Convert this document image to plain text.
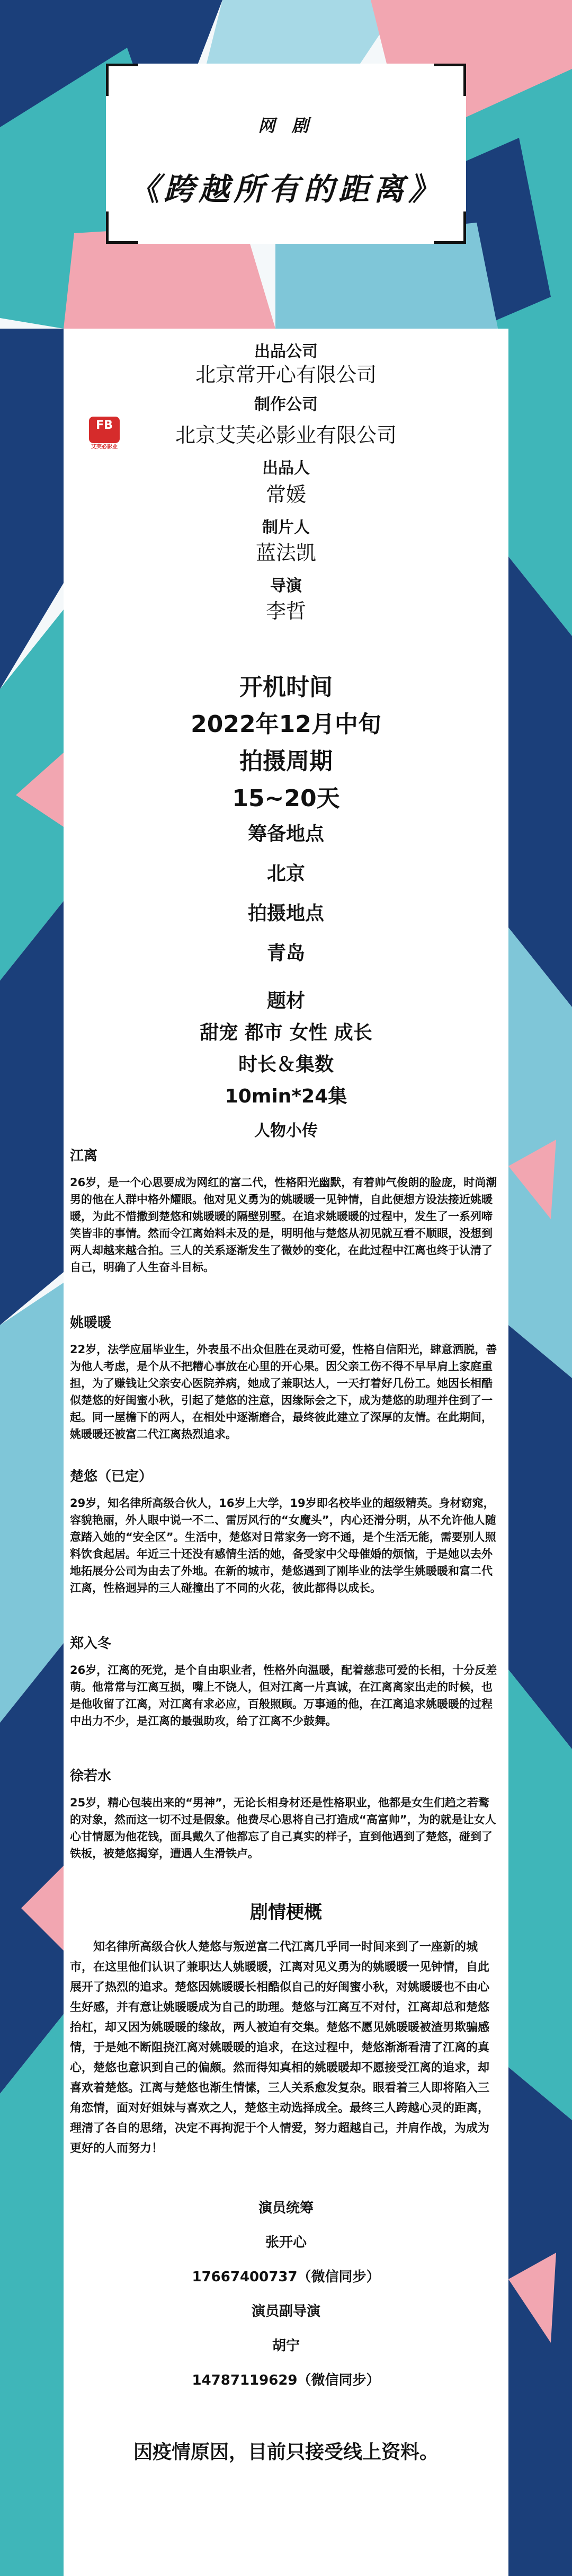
网 剧
《跨越所有的距离》
出品公司
北京常开心有限公司
制作公司
FB
艾芙必影业
北京艾芙必影业有限公司
出品人
常媛
制片人
蓝法凯
导演
李哲
开机时间
2022年12月中旬
拍摄周期
15~20天
筹备地点
北京
拍摄地点
青岛
题材
甜宠 都市 女性 成长
时长＆集数
10min*24集
人物小传
江离
26岁，是一个心思要成为网红的富二代，性格阳光幽默，有着帅气俊朗的脸庞，时尚潮男的他在人群中格外耀眼。他对见义勇为的姚暖暖一见钟情，自此便想方设法接近姚暖暖，为此不惜撒到楚悠和姚暖暖的隔壁别墅。在追求姚暖暖的过程中，发生了一系列啼笑皆非的事情。然而令江离始料未及的是，明明他与楚悠从初见就互看不顺眼，没想到两人却越来越合拍。三人的关系逐渐发生了微妙的变化，在此过程中江离也终于认清了自己，明确了人生奋斗目标。
姚暖暖
22岁，法学应届毕业生，外表虽不出众但胜在灵动可爱，性格自信阳光，肆意洒脱，善为他人考虑，是个从不把糟心事放在心里的开心果。因父亲工伤不得不早早肩上家庭重担，为了赚钱让父亲安心医院养病，她成了兼职达人，一天打着好几份工。她因长相酷似楚悠的好闺蜜小秋，引起了楚悠的注意，因缘际会之下，成为楚悠的助理并住到了一起。同一屋檐下的两人，在相处中逐渐磨合，最终彼此建立了深厚的友情。在此期间，姚暖暖还被富二代江离热烈追求。
楚悠（已定）
29岁，知名律所高级合伙人，16岁上大学，19岁即名校毕业的超级精英。身材窈窕，容貌艳丽，外人眼中说一不二、雷厉风行的“女魔头”，内心还滑分明，从不允许他人随意踏入她的“安全区”。生活中，楚悠对日常家务一窍不通，是个生活无能，需要别人照料饮食起居。年近三十还没有感情生活的她，备受家中父母催婚的烦恼，于是她以去外地拓展分公司为由去了外地。在新的城市，楚悠遇到了刚毕业的法学生姚暖暖和富二代江离，性格迥异的三人碰撞出了不同的火花，彼此都得以成长。
郑入冬
26岁，江离的死党，是个自由职业者，性格外向温暖，配着慈悲可爱的长相，十分反差萌。他常常与江离互损，嘴上不饶人，但对江离一片真诚，在江离离家出走的时候，也是他收留了江离，对江离有求必应，百般照顾。万事通的他，在江离追求姚暖暖的过程中出力不少，是江离的最强助攻，给了江离不少鼓舞。
徐若水
25岁，精心包装出来的“男神”，无论长相身材还是性格职业，他都是女生们趋之若鹜的对象，然而这一切不过是假象。他费尽心思将自己打造成“高富帅”，为的就是让女人心甘情愿为他花钱，面具戴久了他都忘了自己真实的样子，直到他遇到了楚悠，碰到了铁板，被楚悠揭穿，遭遇人生滑铁卢。
剧情梗概
知名律所高级合伙人楚悠与叛逆富二代江离几乎同一时间来到了一座新的城市，在这里他们认识了兼职达人姚暖暖，江离对见义勇为的姚暖暖一见钟情，自此展开了热烈的追求。楚悠因姚暖暖长相酷似自己的好闺蜜小秋，对姚暖暖也不由心生好感，并有意让姚暖暖成为自己的助理。楚悠与江离互不对付，江离却总和楚悠抬杠，却又因为姚暖暖的缘故，两人被迫有交集。楚悠不愿见姚暖暖被渣男欺骗感情，于是她不断阻挠江离对姚暖暖的追求，在这过程中，楚悠渐渐看清了江离的真心，楚悠也意识到自己的偏颇。然而得知真相的姚暖暖却不愿接受江离的追求，却喜欢着楚悠。江离与楚悠也渐生情愫，三人关系愈发复杂。眼看着三人即将陷入三角恋情，面对好姐妹与喜欢之人，楚悠主动选择成全。最终三人跨越心灵的距离，理清了各自的思绪，决定不再拘泥于个人情爱，努力超越自己，并肩作战，为成为更好的人而努力！
演员统筹
张开心
17667400737（微信同步）
演员副导演
胡宁
14787119629（微信同步）
因疫情原因，目前只接受线上资料。
